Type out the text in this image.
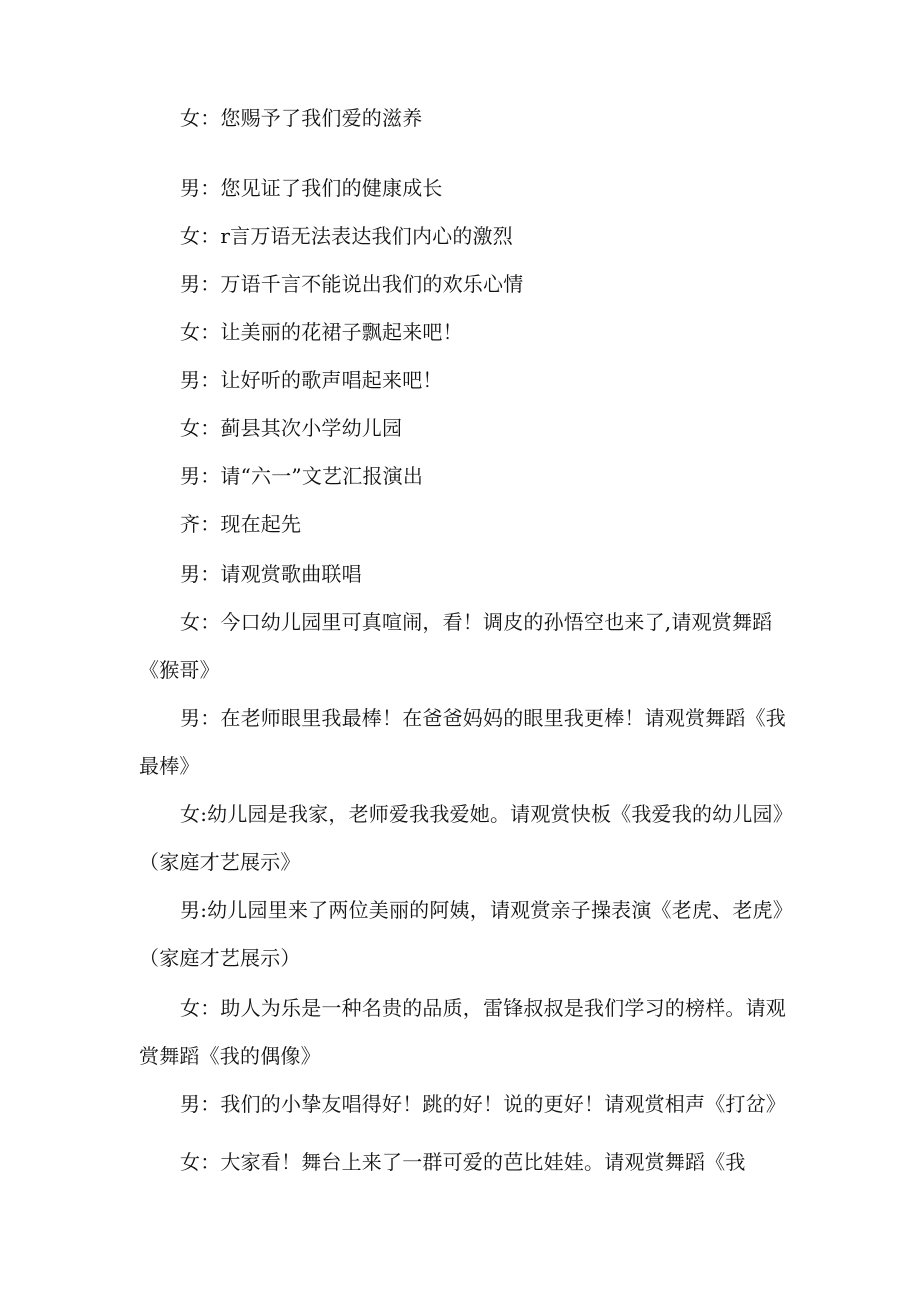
女：您赐予了我们爱的滋养

男：您见证了我们的健康成长

女：r言万语无法表达我们内心的激烈

男：万语千言不能说出我们的欢乐心情

女：让美丽的花裙子飘起来吧！

男：让好听的歌声唱起来吧！

女：蓟县其次小学幼儿园

男：请“六一”文艺汇报演出

齐：现在起先

男：请观赏歌曲联唱

女：今口幼儿园里可真喧闹，看！调皮的孙悟空也来了,请观赏舞蹈《猴哥》

男：在老师眼里我最棒！在爸爸妈妈的眼里我更棒！请观赏舞蹈《我最棒》

女:幼儿园是我家，老师爱我我爱她。请观赏快板《我爱我的幼儿园》（家庭才艺展示》

男:幼儿园里来了两位美丽的阿姨，请观赏亲子操表演《老虎、老虎》（家庭才艺展示）

女：助人为乐是一种名贵的品质，雷锋叔叔是我们学习的榜样。请观赏舞蹈《我的偶像》

男：我们的小挚友唱得好！跳的好！说的更好！请观赏相声《打岔》

女：大家看！舞台上来了一群可爱的芭比娃娃。请观赏舞蹈《我
